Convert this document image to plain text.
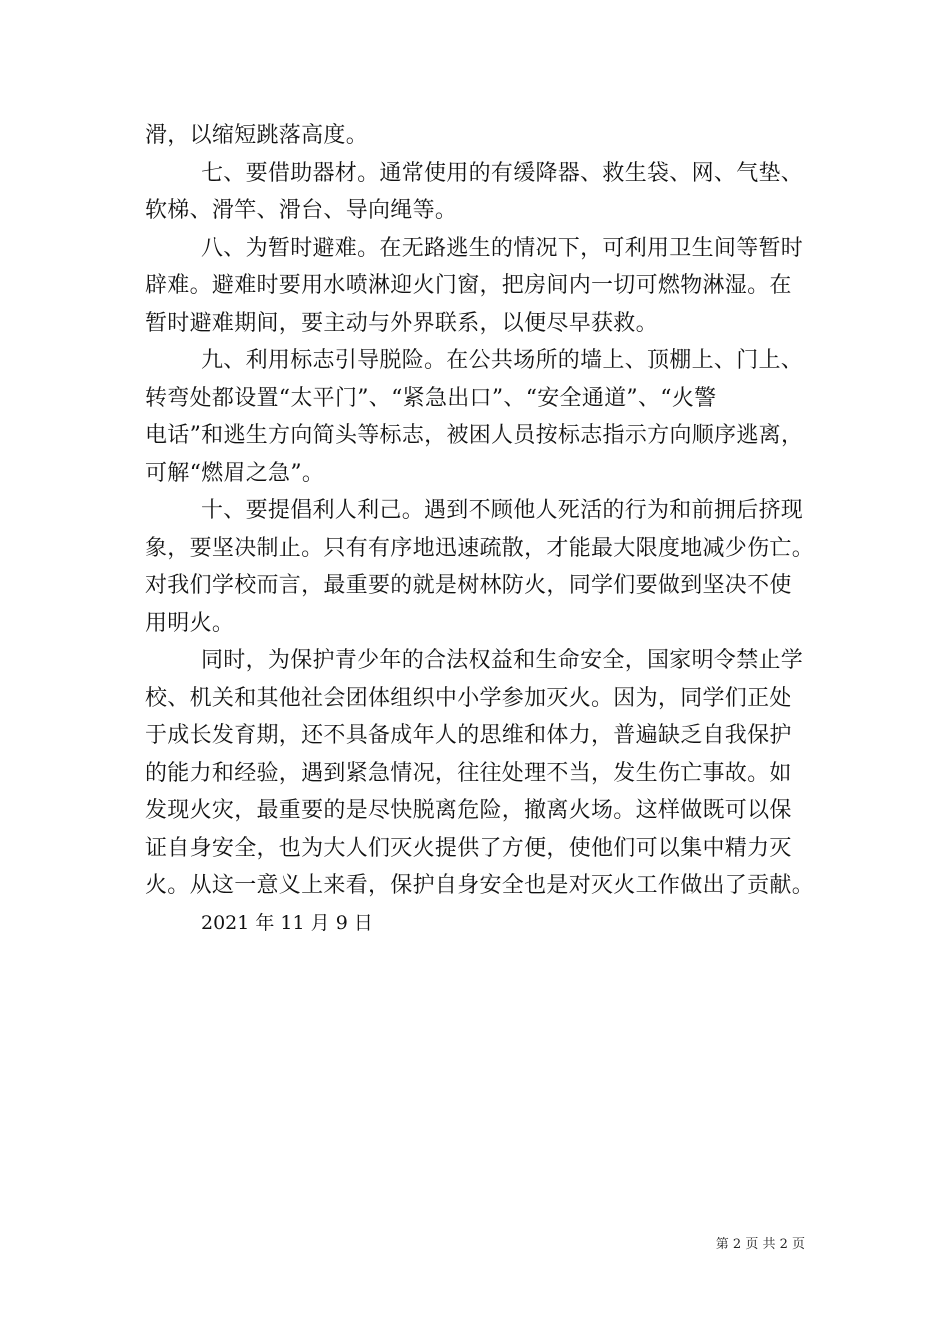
滑，以缩短跳落高度。
七、要借助器材。通常使用的有缓降器、救生袋、网、气垫、
软梯、滑竿、滑台、导向绳等。
八、为暂时避难。在无路逃生的情况下，可利用卫生间等暂时
辟难。避难时要用水喷淋迎火门窗，把房间内一切可燃物淋湿。在
暂时避难期间，要主动与外界联系，以便尽早获救。
九、利用标志引导脱险。在公共场所的墙上、顶棚上、门上、
转弯处都设置“太平门”、“紧急出口”、“安全通道”、“火警
电话”和逃生方向简头等标志，被困人员按标志指示方向顺序逃离，
可解“燃眉之急”。
十、要提倡利人利己。遇到不顾他人死活的行为和前拥后挤现
象，要坚决制止。只有有序地迅速疏散，才能最大限度地减少伤亡。
对我们学校而言，最重要的就是树林防火，同学们要做到坚决不使
用明火。
同时，为保护青少年的合法权益和生命安全，国家明令禁止学
校、机关和其他社会团体组织中小学参加灭火。因为，同学们正处
于成长发育期，还不具备成年人的思维和体力，普遍缺乏自我保护
的能力和经验，遇到紧急情况，往往处理不当，发生伤亡事故。如
发现火灾，最重要的是尽快脱离危险，撤离火场。这样做既可以保
证自身安全，也为大人们灭火提供了方便，使他们可以集中精力灭
火。从这一意义上来看，保护自身安全也是对灭火工作做出了贡献。
2021 年 11 月 9 日
第 2 页 共 2 页
